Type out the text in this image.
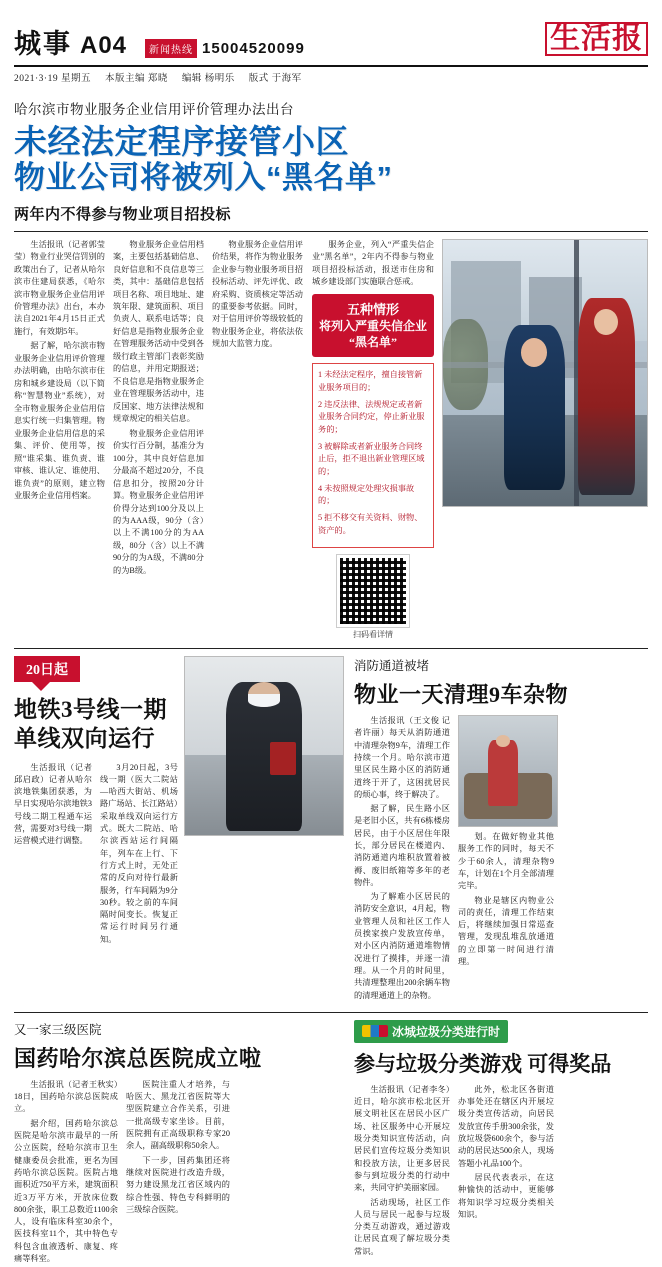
城事 A04	新闻热线 15004520099	生活报
2021·3·19 星期五 本版主编 郑晓 编辑 杨明乐 版式 于海军
哈尔滨市物业服务企业信用评价管理办法出台
未经法定程序接管小区
物业公司将被列入“黑名单”
两年内不得参与物业项目招投标

生活报讯（记者郭莹莹）物业行业哭信罚别的政策出台了，记者从哈尔滨市住建局获悉，《哈尔滨市物业服务企业信用评价管理办法》出台，本办法自2021年4月15日正式施行，有效期5年。

据了解，哈尔滨市物业服务企业信用评价管理办法明确，由哈尔滨市住房和城乡建设局（以下简称“智慧物业”系统），对全市物业服务企业信用信息实行统一归集管理。物业服务企业信用信息的采集、评价、使用等，按照“谁采集、谁负责、谁审核、谁认定、谁使用、谁负责”的原则，建立物业服务企业信用档案。

物业服务企业信用档案，主要包括基础信息、良好信息和不良信息等三类，其中：基础信息包括项目名称、项目地址、建筑年限、建筑面积、项目负责人、联系电话等；良好信息是指物业服务企业在管理服务活动中受到各级行政主管部门表彰奖励的信息，并用定期报送；不良信息是指物业服务企业在管理服务活动中，违反国家、地方法律法规和规章规定的相关信息。

物业服务企业信用评价实行百分制，基准分为100分，其中良好信息加分最高不超过20分，不良信息扣分，按照20分计算。物业服务企业信用评价得分达到100分及以上的为AAA级，90分（含）以上不满100分的为AA级，80分（含）以上不满90分的为A级，不满80分的为B级。

物业服务企业信用评价结果，将作为物业服务企业参与物业服务项目招投标活动、评先评优、政府采购、资质核定等活动的重要参考依据。同时，对于信用评价等级较低的物业服务企业，将依法依规加大监管力度。

服务企业，列入“严重失信企业”黑名单”，2年内不得参与物业项目招投标活动，报送市住房和城乡建设部门实施联合惩戒。

五种情形
将列入严重失信企业
“黑名单”

1 未经法定程序，擅自接管新业服务项目的；

2 违反法律、法规规定或者新业服务合同约定，停止新业服务的；

3 被解除或者新业服务合同终止后，拒不退出新业管理区域的；

4 未按照规定处理灾损事故的；

5 拒不移交有关资料、财物、资产的。

扫码看详情
20日起
地铁3号线一期
单线双向运行

生活报讯（记者邱启政）记者从哈尔滨地铁集团获悉，为早日实现哈尔滨地铁3号线二期工程通车运营，需要对3号线一期运营模式进行调整。

3月20日起，3号线一期（医大二院站—哈西大街站、机场路广场站、长江路站）采取单线双向运行方式。既大二院站、哈尔滨西站运行间隔年，列车在上行、下行方式上时，无处正常的反向对待行最新服务，行车间隔为9分30秒。较之前的车间隔时间变长。恢复正常运行时间另行通知。

消防通道被堵
物业一天清理9车杂物

生活报讯（王文俊 记者许丽）每天从消防通道中清理杂物9车，清理工作持续一个月。哈尔滨市道里区民生路小区的消防通道终于开了，这困扰居民的烦心事，终于解决了。

据了解，民生路小区是老旧小区，共有6栋楼房居民，由于小区居住年限长，部分居民在楼道内、消防通道内堆积放置着被褥、废旧纸箱等多年的老物件。

为了解难小区居民的消防安全意识，4月起，物业管理人员和社区工作人员挨家挨户发放宣传单，对小区内消防通道堆物情况进行了摸排，并逐一清理。从一个月的时间里，共清理整理出200余辆车物的清理通道上的杂物。

划。在做好物业其他服务工作的同时，每天不少于60余人，清理杂物9车，计划在1个月全部清理完毕。

物业是辖区内物业公司的责任，清理工作结束后，将继续加强日常巡查管理，发现乱堆乱放通道的立即第一时间进行清理。

又一家三级医院
国药哈尔滨总医院成立啦

生活报讯（记者王秋实）18日，国药哈尔滨总医院成立。

据介绍，国药哈尔滨总医院是哈尔滨市最早的一所公立医院，经哈尔滨市卫生健康委员会批准，更名为国药哈尔滨总医院。医院占地面积近750平方米，建筑面积近3万平方米，开放床位数800余张，职工总数近1100余人，设有临床科室30余个，医技科室11个，其中特色专科包含血液透析、康复、疼痛等科室。

医院注重人才培养，与哈医大、黑龙江省医院等大型医院建立合作关系，引进一批高级专家坐诊。目前，医院拥有正高级职称专家20余人，副高级职称50余人。

下一步，国药集团还将继续对医院进行改造升级，努力建设黑龙江省区域内的综合性强、特色专科鲜明的三级综合医院。

冰城垃圾分类进行时
参与垃圾分类游戏 可得奖品

生活报讯（记者李冬）近日，哈尔滨市松北区开展文明社区在居民小区广场、社区服务中心开展垃圾分类知识宣传活动，向居民们宣传垃圾分类知识和投放方法，让更多居民参与到垃圾分类的行动中来，共同守护美丽家园。

活动现场，社区工作人员与居民一起参与垃圾分类互动游戏，通过游戏让居民直观了解垃圾分类常识。

此外，松北区各街道办事处还在辖区内开展垃圾分类宣传活动，向居民发放宣传手册300余张，发放垃圾袋600余个，参与活动的居民达500余人，现场答题小礼品100个。

居民代表表示，在这种愉快的活动中，更能够将知识学习垃圾分类相关知识。
